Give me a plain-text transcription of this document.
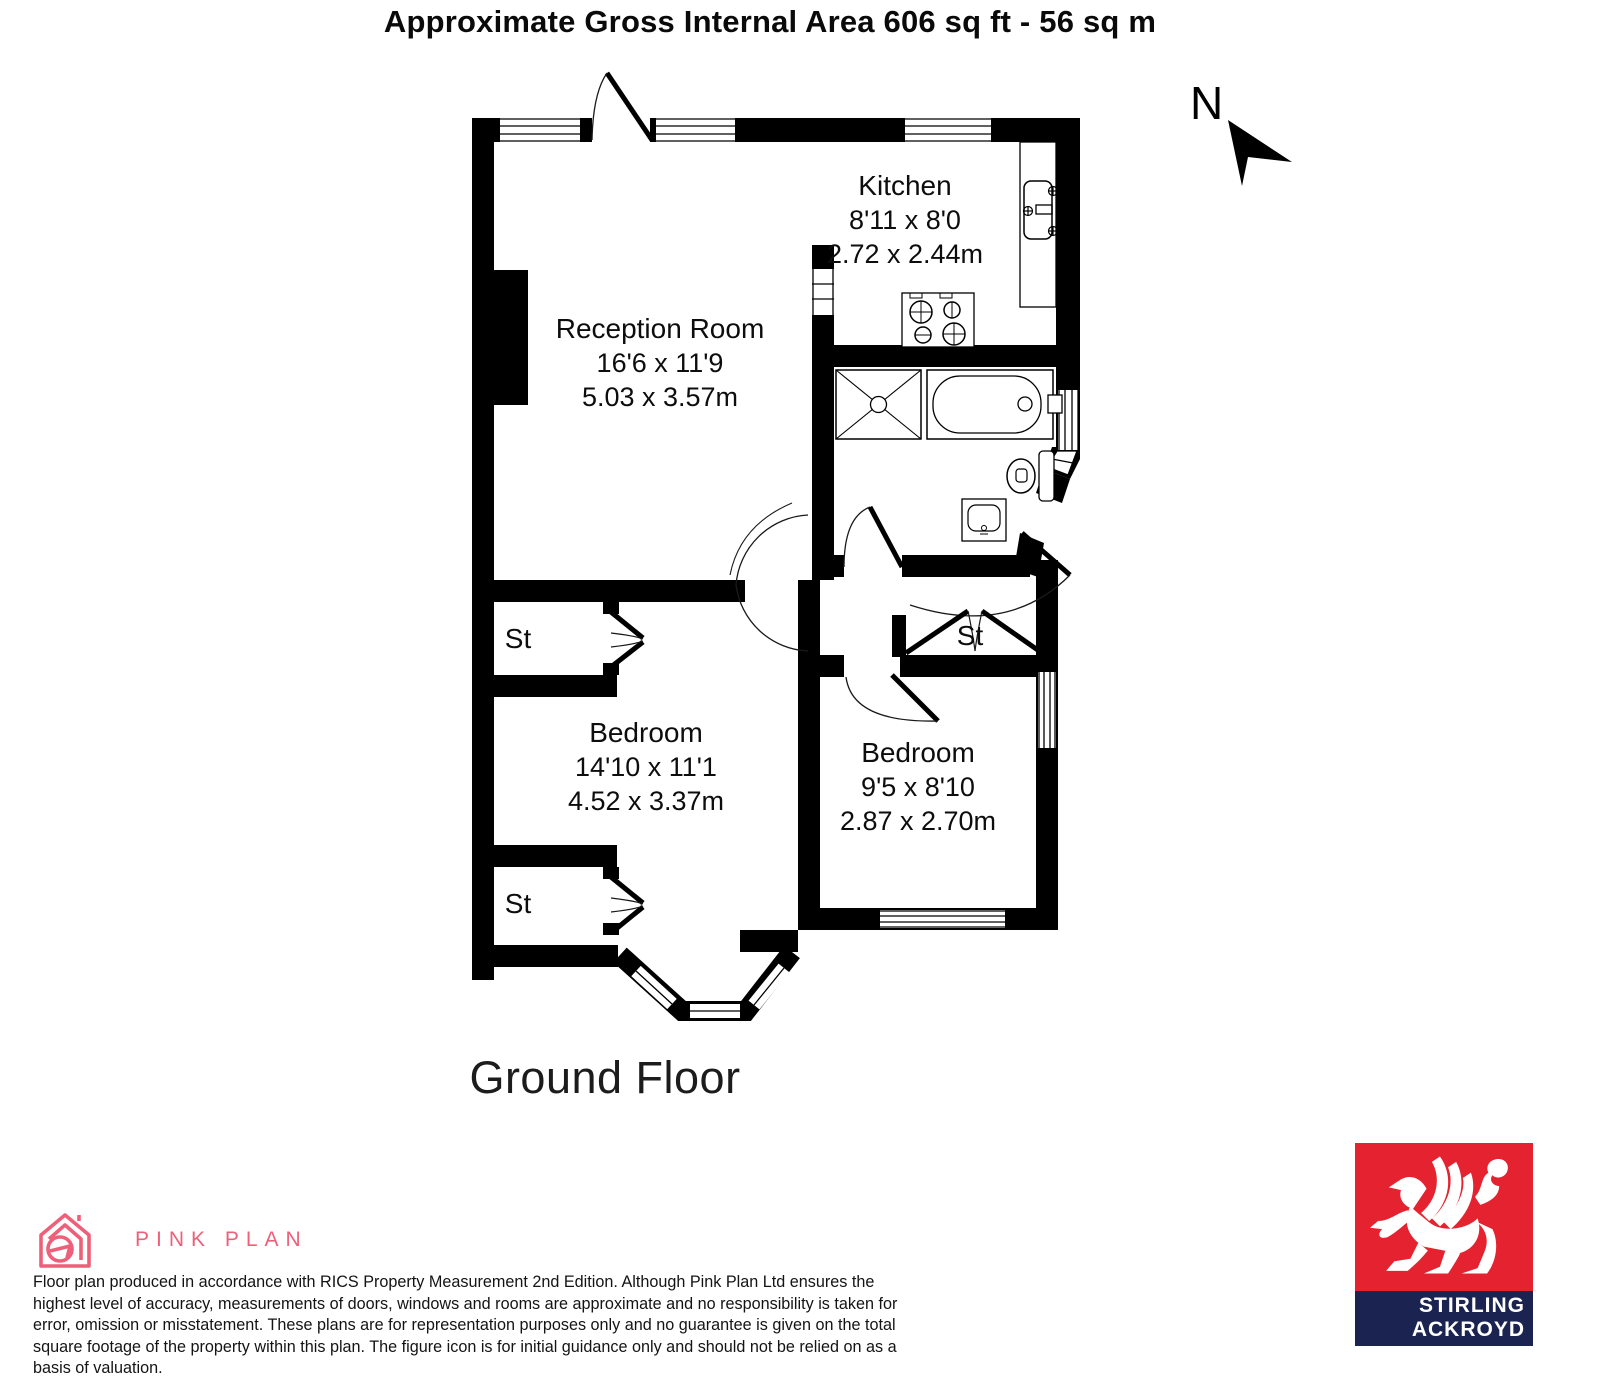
Approximate Gross Internal Area 606 sq ft - 56 sq m
N
Kitchen
8'11 x 8'0
2.72 x 2.44m
Reception Room
16'6 x 11'9
5.03 x 3.57m
Bedroom
14'10 x 11'1
4.52 x 3.37m
Bedroom
9'5 x 8'10
2.87 x 2.70m
St	St
St
Ground Floor
PINK PLAN
Floor plan produced in accordance with RICS Property Measurement 2nd Edition. Although Pink Plan Ltd ensures the highest level of accuracy, measurements of doors, windows and rooms are approximate and no responsibility is taken for error, omission or misstatement. These plans are for representation purposes only and no guarantee is given on the total square footage of the property within this plan. The figure icon is for initial guidance only and should not be relied on as a basis of valuation.
STIRLING
ACKROYD
